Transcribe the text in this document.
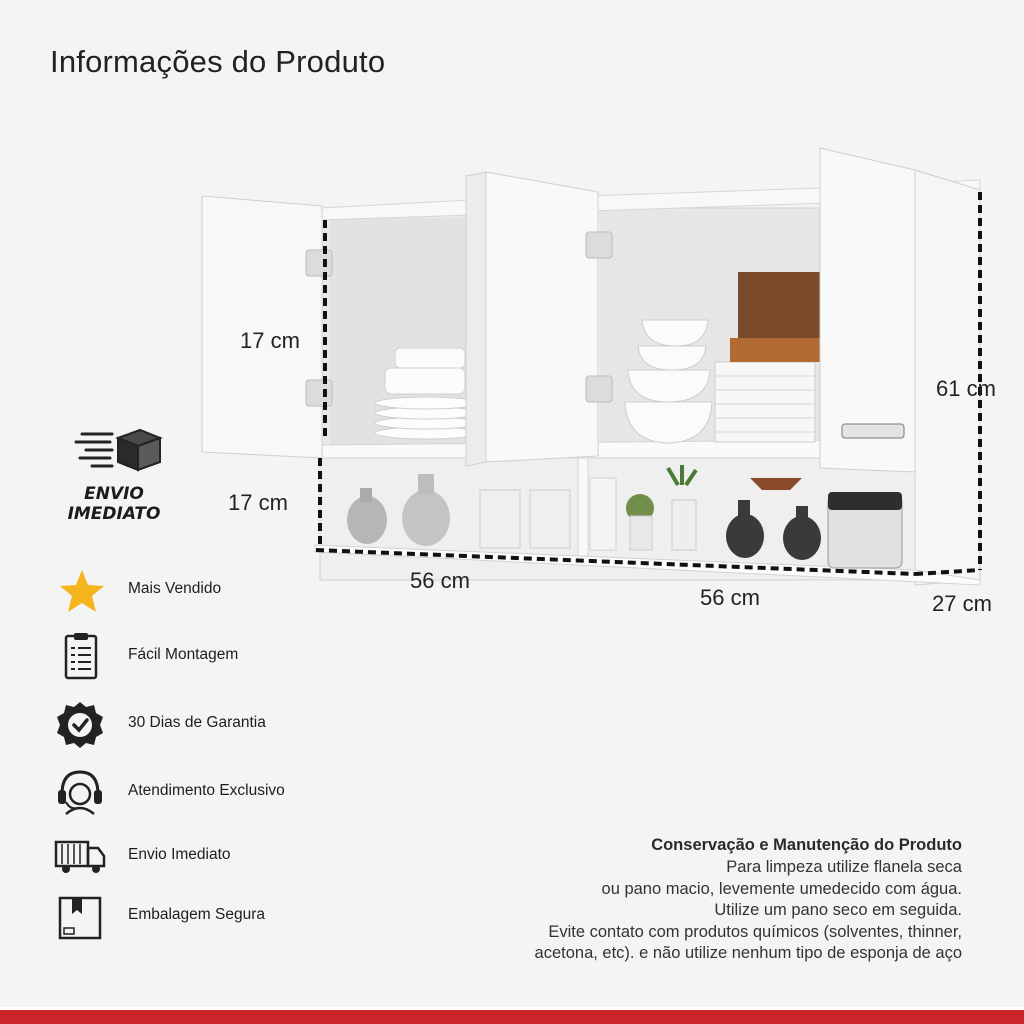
Informações do Produto
17 cm
17 cm
56 cm
56 cm
61 cm
27 cm
ENVIO
IMEDIATO
Mais Vendido
Fácil Montagem
30 Dias de Garantia
Atendimento Exclusivo
Envio Imediato
Embalagem Segura
Conservação e Manutenção do Produto

Para limpeza utilize flanela seca

ou pano macio, levemente umedecido com água.

Utilize um pano seco em seguida.

Evite contato com produtos químicos (solventes, thinner,

acetona, etc). e não utilize nenhum tipo de esponja de aço
